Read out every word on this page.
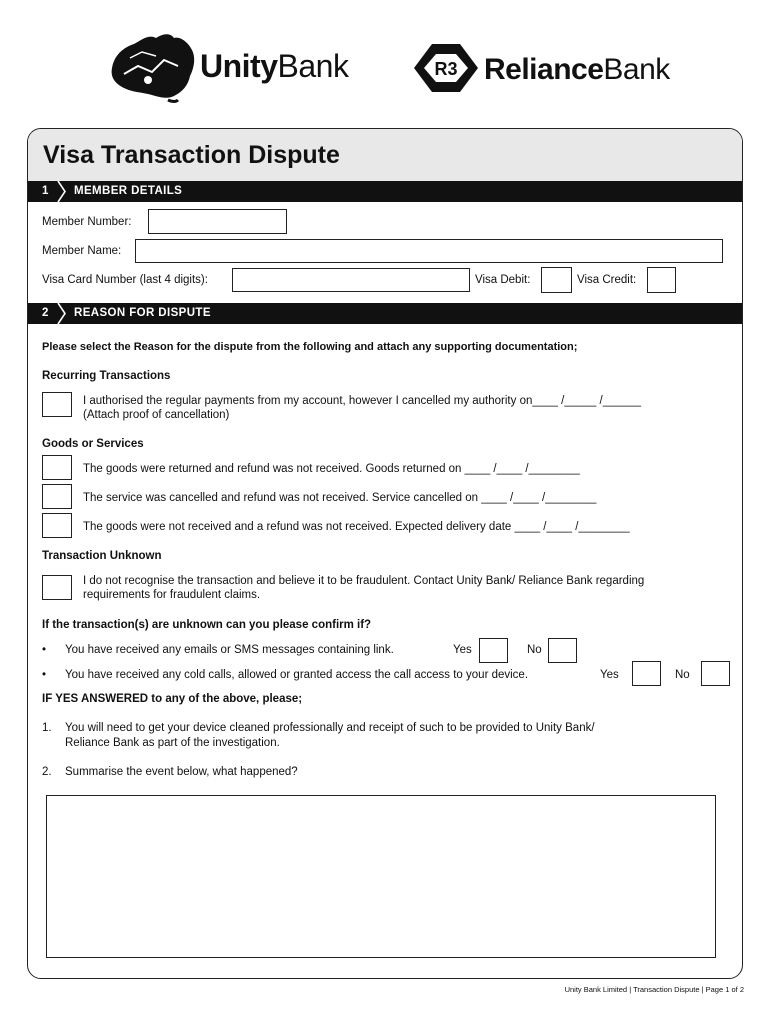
UnityBank	R3 RelianceBank
Visa Transaction Dispute
1 MEMBER DETAILS
2 REASON FOR DISPUTE
Member Number:
Member Name:
Visa Card Number (last 4 digits):	Visa Debit:	Visa Credit:
Please select the Reason for the dispute from the following and attach any supporting documentation;
Recurring Transactions
I authorised the regular payments from my account, however I cancelled my authority on____ /_____ /______
(Attach proof of cancellation)
Goods or Services
The goods were returned and refund was not received. Goods returned on ____ /____ /________
The service was cancelled and refund was not received. Service cancelled on ____ /____ /________
The goods were not received and a refund was not received. Expected delivery date ____ /____ /________
Transaction Unknown
I do not recognise the transaction and believe it to be fraudulent. Contact Unity Bank/ Reliance Bank regarding
requirements for fraudulent claims.
If the transaction(s) are unknown can you please confirm if?
• You have received any emails or SMS messages containing link.	Yes	No
• You have received any cold calls, allowed or granted access the call access to your device.	Yes	No
IF YES ANSWERED to any of the above, please;
1. You will need to get your device cleaned professionally and receipt of such to be provided to Unity Bank/
Reliance Bank as part of the investigation.
2. Summarise the event below, what happened?
Unity Bank Limited | Transaction Dispute | Page 1 of 2
